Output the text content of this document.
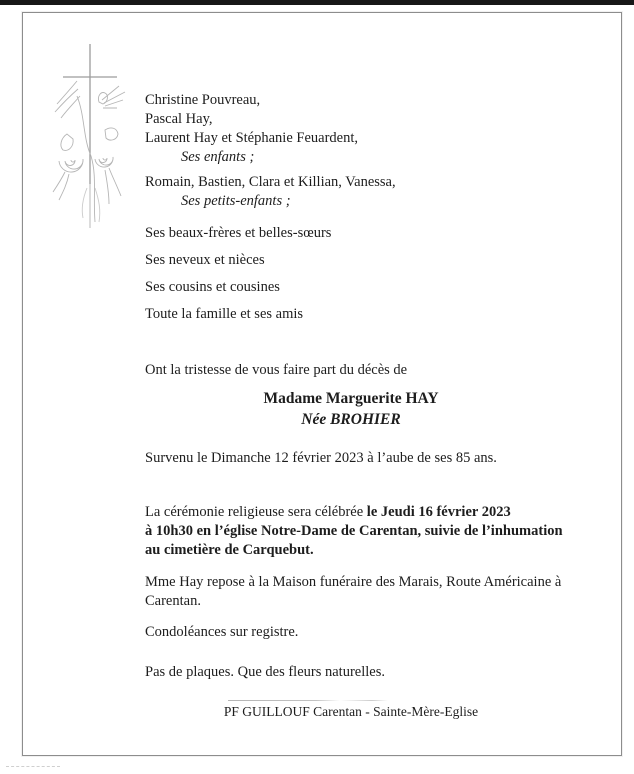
Christine Pouvreau,
Pascal Hay,
Laurent Hay et Stéphanie Feuardent,
Ses enfants ;
Romain, Bastien, Clara et Killian, Vanessa,
Ses petits-enfants ;
Ses beaux-frères et belles-sœurs
Ses neveux et nièces
Ses cousins et cousines
Toute la famille et ses amis
Ont la tristesse de vous faire part du décès de
Madame Marguerite HAY
Née BROHIER
Survenu le Dimanche 12 février 2023 à l’aube de ses 85 ans.
La cérémonie religieuse sera célébrée le Jeudi 16 février 2023
à 10h30 en l’église Notre-Dame de Carentan, suivie de l’inhumation
au cimetière de Carquebut.
Mme Hay repose à la Maison funéraire des Marais, Route Américaine à
Carentan.
Condoléances sur registre.
Pas de plaques. Que des fleurs naturelles.
PF GUILLOUF Carentan - Sainte-Mère-Eglise
